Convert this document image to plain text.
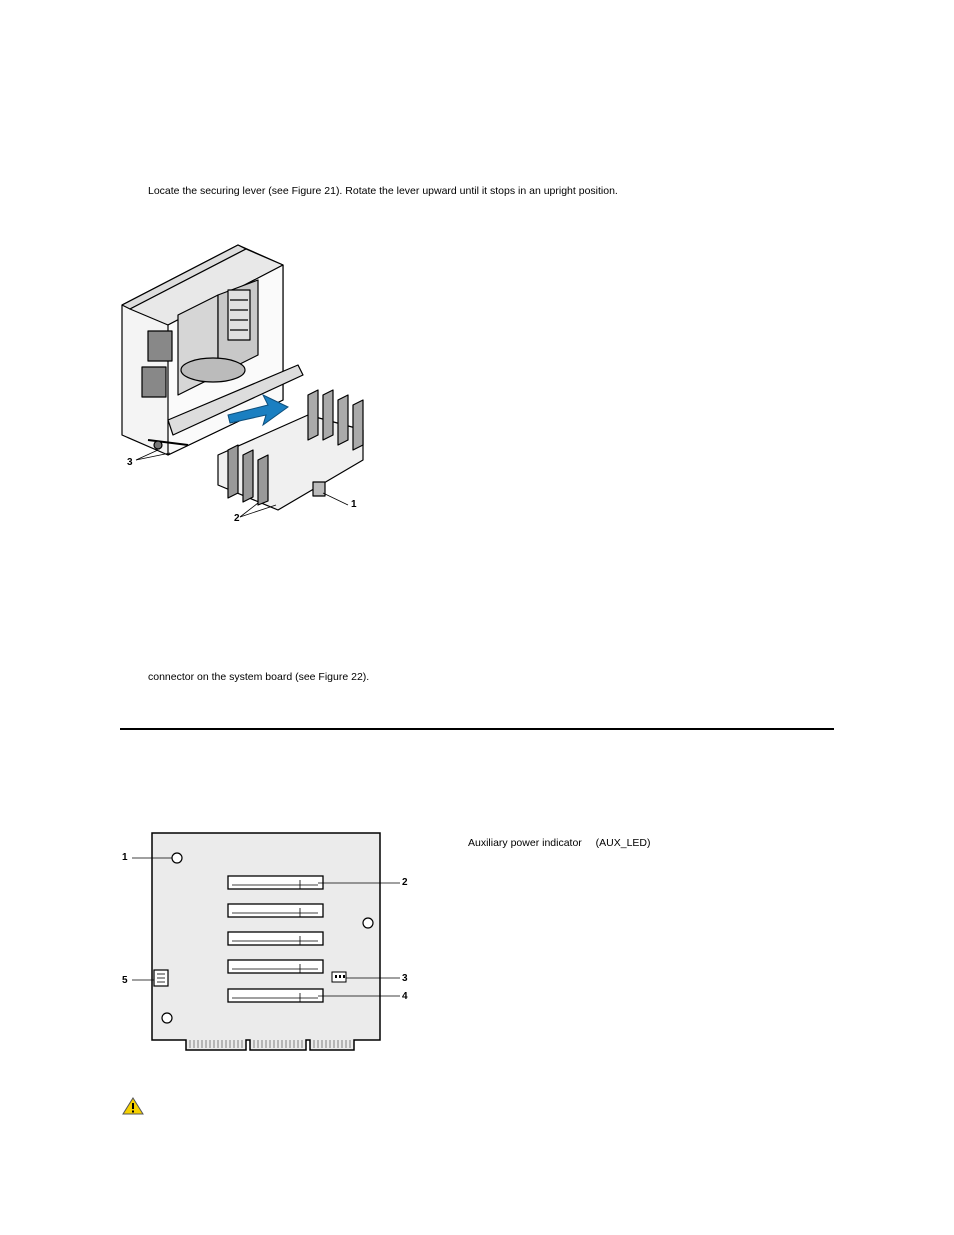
Locate the securing lever (see Figure 21). Rotate the lever upward until it stops in an upright position.
1
2
3
connector on the system board (see Figure 22).
1
2
3
4
5
Auxiliary power indicator (AUX_LED)
